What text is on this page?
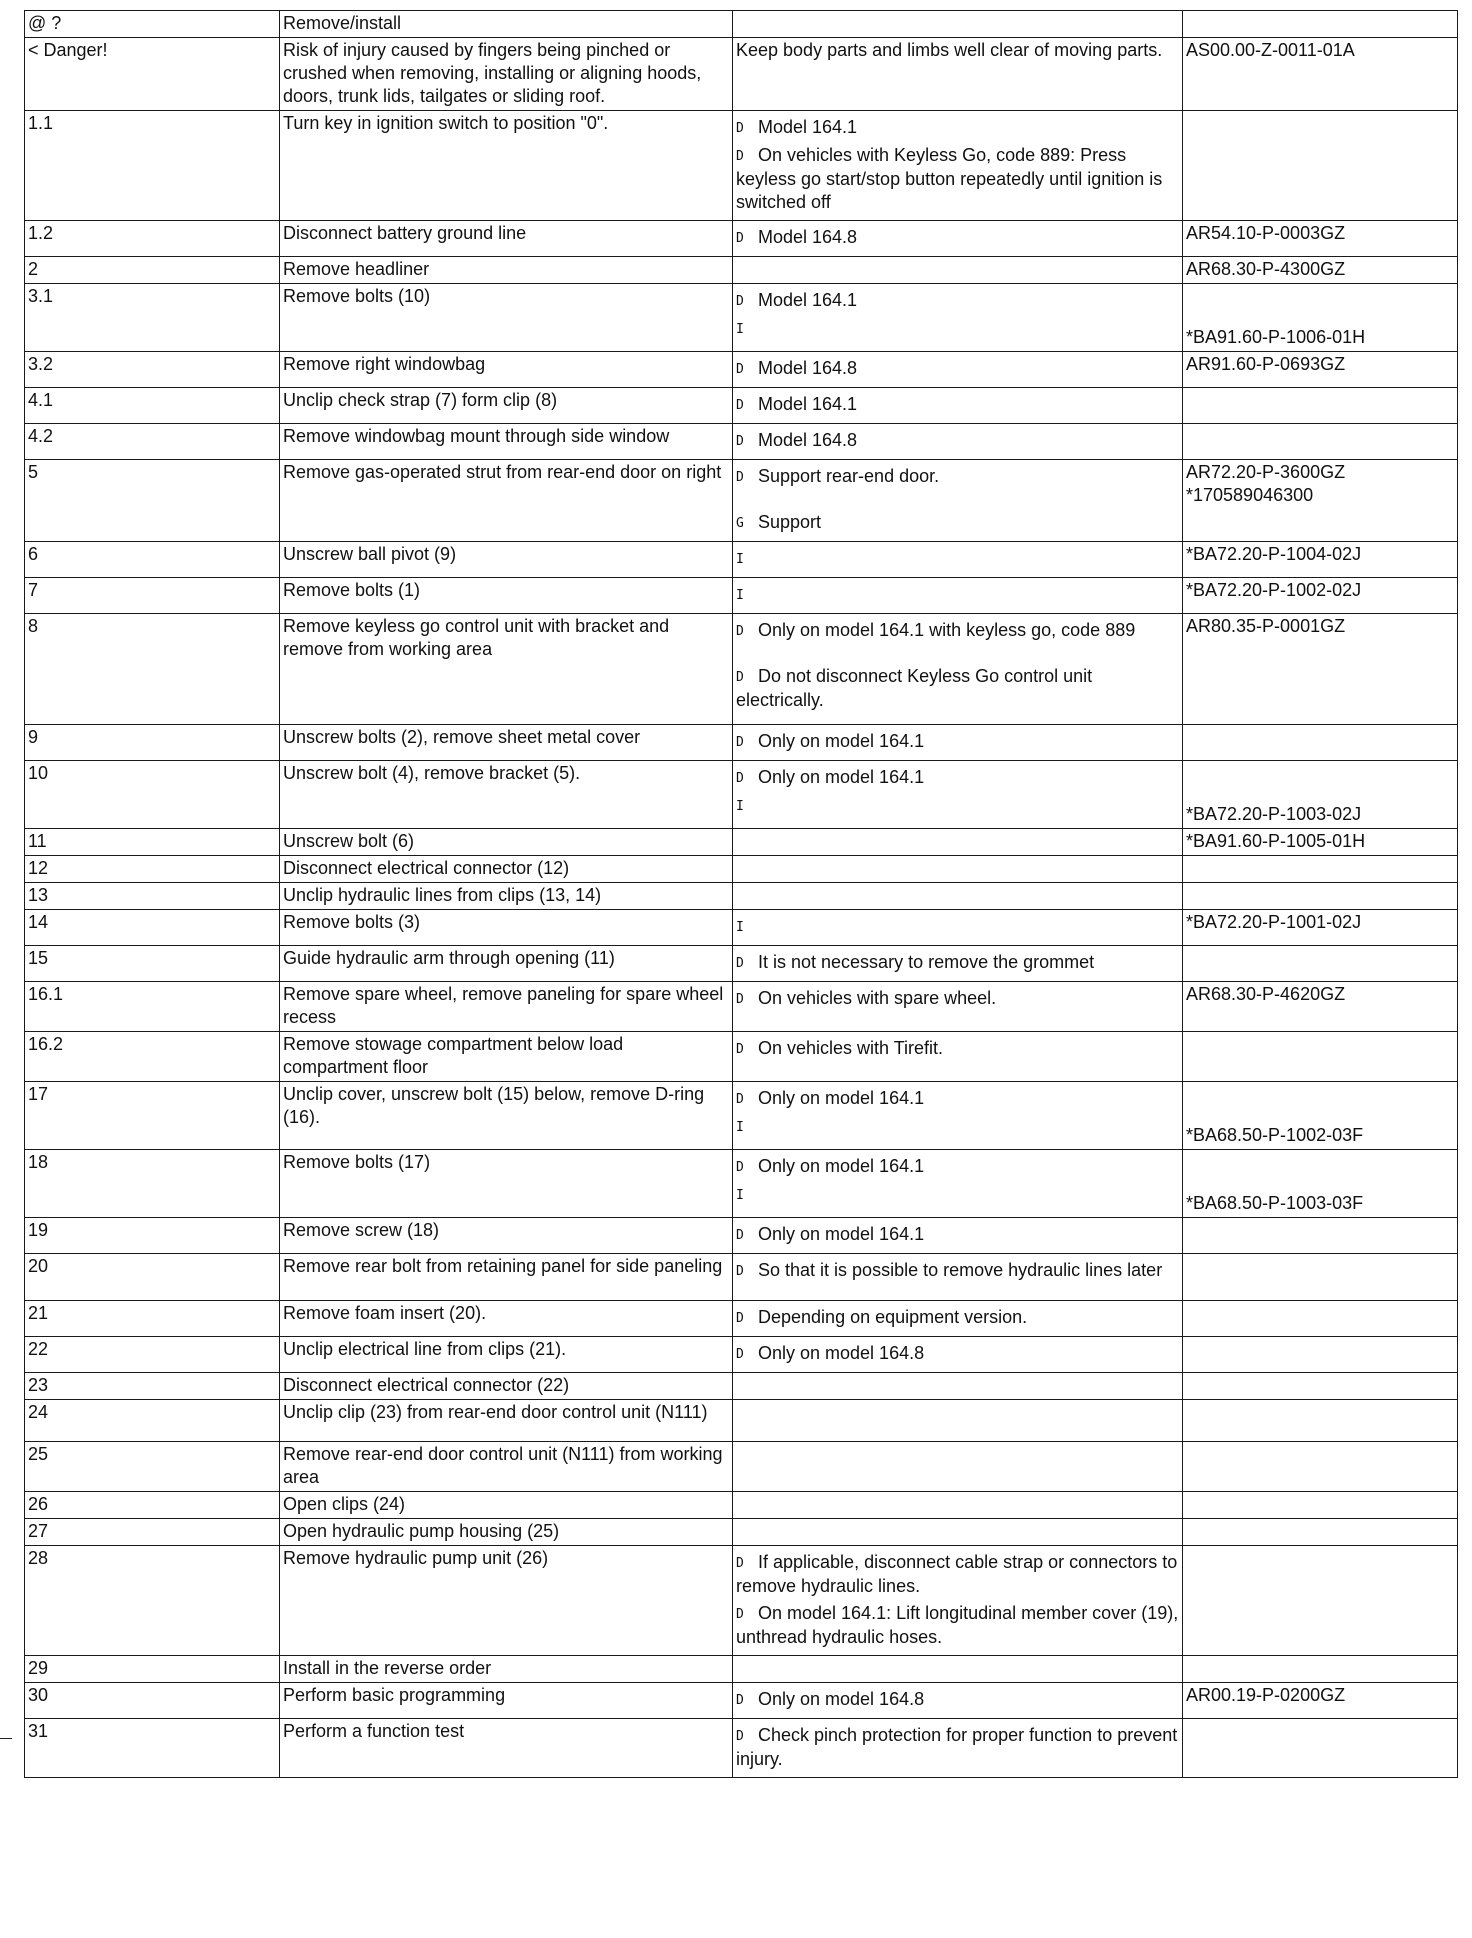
@ ?	Remove/install		
< Danger!	Risk of injury caused by fingers being pinched or crushed when removing, installing or aligning hoods, doors, trunk lids, tailgates or sliding roof.	Keep body parts and limbs well clear of moving parts.	AS00.00-Z-0011-01A
1.1	Turn key in ignition switch to position "0".	D Model 164.1
D On vehicles with Keyless Go, code 889: Press keyless go start/stop button repeatedly until ignition is switched off	

1.2	Disconnect battery ground line	D Model 164.8	AR54.10-P-0003GZ

2	Remove headliner		AR68.30-P-4300GZ

3.1	Remove bolts (10)	D Model 164.1
I	*BA91.60-P-1006-01H

3.2	Remove right windowbag	D Model 164.8	AR91.60-P-0693GZ

4.1	Unclip check strap (7) form clip (8)	D Model 164.1	

4.2	Remove windowbag mount through side window	D Model 164.8	

5	Remove gas-operated strut from rear-end door on right	D Support rear-end door.
G Support	AR72.20-P-3600GZ
*170589046300

6	Unscrew ball pivot (9)	I	*BA72.20-P-1004-02J

7	Remove bolts (1)	I	*BA72.20-P-1002-02J

8	Remove keyless go control unit with bracket and remove from working area	D Only on model 164.1 with keyless go, code 889
D Do not disconnect Keyless Go control unit electrically.	AR80.35-P-0001GZ

9	Unscrew bolts (2), remove sheet metal cover	D Only on model 164.1	

10	Unscrew bolt (4), remove bracket (5).	D Only on model 164.1
I	*BA72.20-P-1003-02J

11	Unscrew bolt (6)		*BA91.60-P-1005-01H

12	Disconnect electrical connector (12)		
13	Unclip hydraulic lines from clips (13, 14)		
14	Remove bolts (3)	I	*BA72.20-P-1001-02J

15	Guide hydraulic arm through opening (11)	D It is not necessary to remove the grommet	

16.1	Remove spare wheel, remove paneling for spare wheel recess	D On vehicles with spare wheel.	AR68.30-P-4620GZ

16.2	Remove stowage compartment below load compartment floor	D On vehicles with Tirefit.	

17	Unclip cover, unscrew bolt (15) below, remove D-ring (16).	D Only on model 164.1
I	*BA68.50-P-1002-03F

18	Remove bolts (17)	D Only on model 164.1
I	*BA68.50-P-1003-03F

19	Remove screw (18)	D Only on model 164.1	

20	Remove rear bolt from retaining panel for side paneling	D So that it is possible to remove hydraulic lines later	

21	Remove foam insert (20).	D Depending on equipment version.	

22	Unclip electrical line from clips (21).	D Only on model 164.8	

23	Disconnect electrical connector (22)		
24	Unclip clip (23) from rear-end door control unit (N111)		
25	Remove rear-end door control unit (N111) from working area		
26	Open clips (24)		
27	Open hydraulic pump housing (25)		
28	Remove hydraulic pump unit (26)	D If applicable, disconnect cable strap or connectors to remove hydraulic lines.
D On model 164.1: Lift longitudinal member cover (19), unthread hydraulic hoses.	

29	Install in the reverse order		
30	Perform basic programming	D Only on model 164.8	AR00.19-P-0200GZ

31	Perform a function test	D Check pinch protection for proper function to prevent injury.	
